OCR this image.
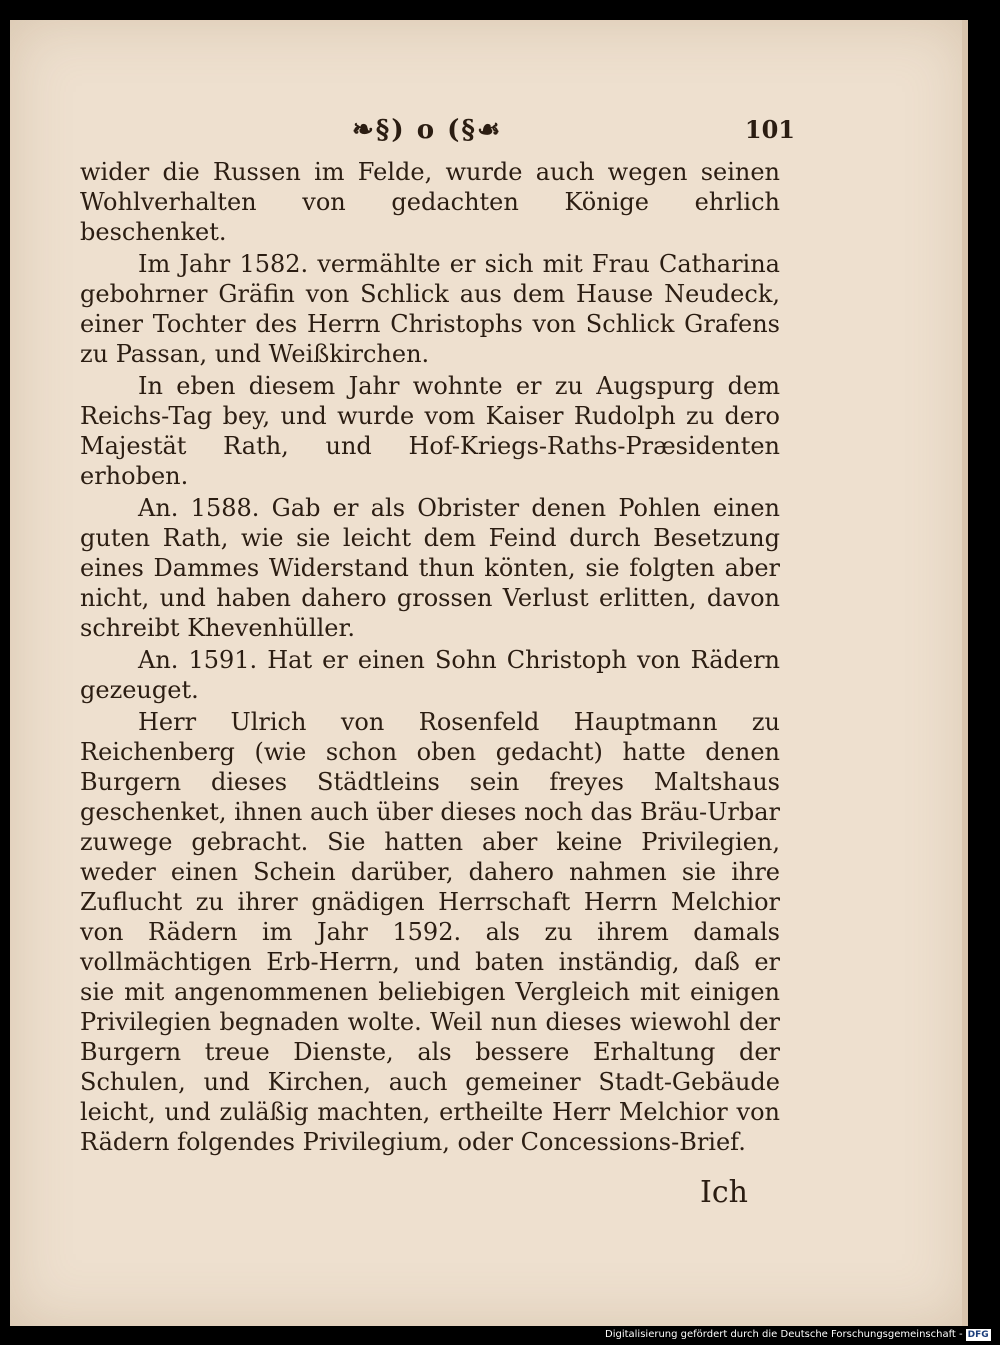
❧§) o (§☙	101

wider die Russen im Felde, wurde auch wegen seinen Wohlverhalten von gedachten Könige ehrlich beschenket.

Im Jahr 1582. vermählte er sich mit Frau Catharina gebohrner Gräfin von Schlick aus dem Hause Neudeck, einer Tochter des Herrn Christophs von Schlick Grafens zu Passan, und Weißkirchen.

In eben diesem Jahr wohnte er zu Augspurg dem Reichs-Tag bey, und wurde vom Kaiser Rudolph zu dero Majestät Rath, und Hof-Kriegs-Raths-Præsidenten erhoben.

An. 1588. Gab er als Obrister denen Pohlen einen guten Rath, wie sie leicht dem Feind durch Besetzung eines Dammes Widerstand thun könten, sie folgten aber nicht, und haben dahero grossen Verlust erlitten, davon schreibt Khevenhüller.

An. 1591. Hat er einen Sohn Christoph von Rädern gezeuget.

Herr Ulrich von Rosenfeld Hauptmann zu Reichenberg (wie schon oben gedacht) hatte denen Burgern dieses Städtleins sein freyes Maltshaus geschenket, ihnen auch über dieses noch das Bräu-Urbar zuwege gebracht. Sie hatten aber keine Privilegien, weder einen Schein darüber, dahero nahmen sie ihre Zuflucht zu ihrer gnädigen Herrschaft Herrn Melchior von Rädern im Jahr 1592. als zu ihrem damals vollmächtigen Erb-Herrn, und baten inständig, daß er sie mit angenommenen beliebigen Vergleich mit einigen Privilegien begnaden wolte. Weil nun dieses wiewohl der Burgern treue Dienste, als bessere Erhaltung der Schulen, und Kirchen, auch gemeiner Stadt-Gebäude leicht, und zuläßig machten, ertheilte Herr Melchior von Rädern folgendes Privilegium, oder Concessions-Brief.

Ich
Digitalisierung gefördert durch die Deutsche Forschungsgemeinschaft - DFG
